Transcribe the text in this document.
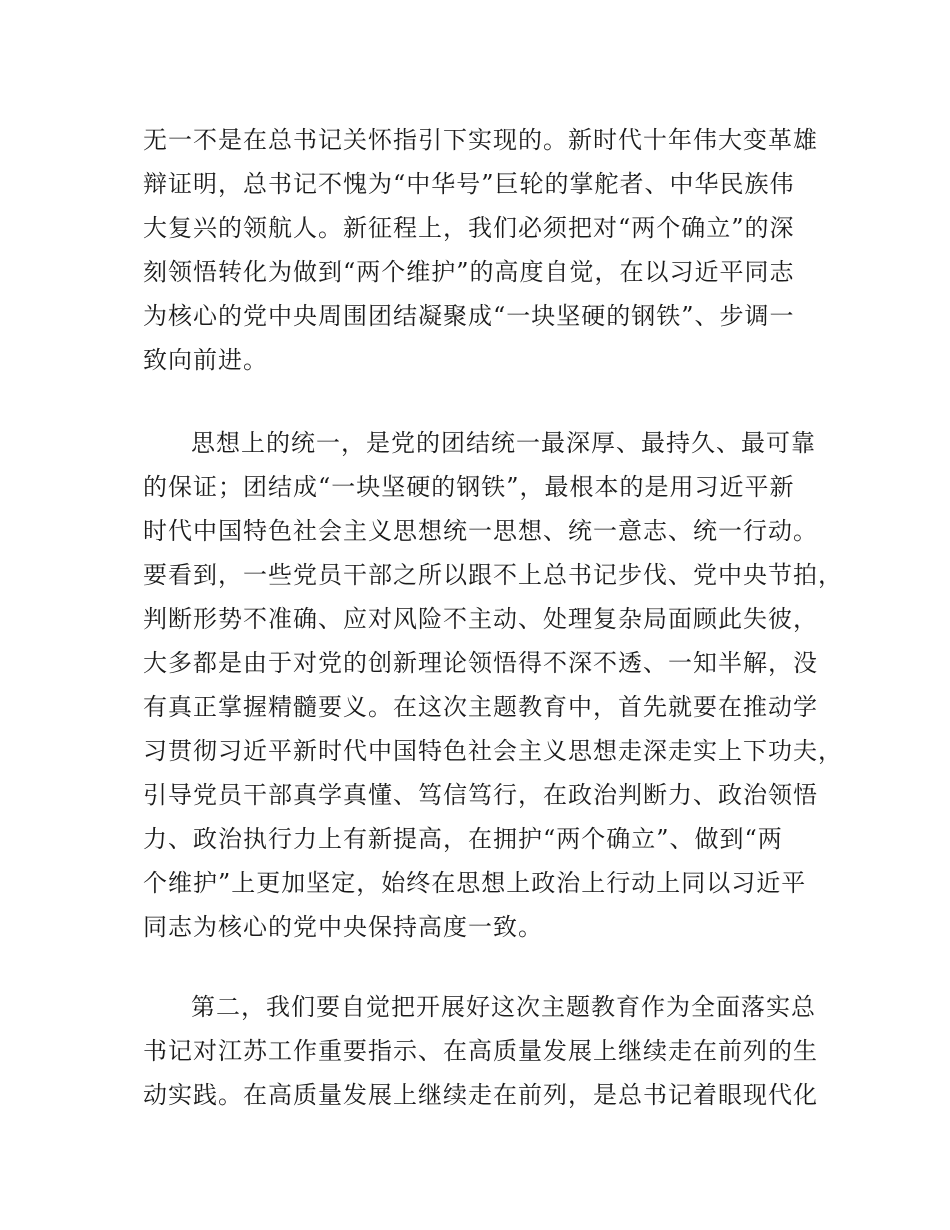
无一不是在总书记关怀指引下实现的。新时代十年伟大变革雄
辩证明，总书记不愧为“中华号”巨轮的掌舵者、中华民族伟
大复兴的领航人。新征程上，我们必须把对“两个确立”的深
刻领悟转化为做到“两个维护”的高度自觉，在以习近平同志
为核心的党中央周围团结凝聚成“一块坚硬的钢铁”、步调一
致向前进。
思想上的统一，是党的团结统一最深厚、最持久、最可靠
的保证；团结成“一块坚硬的钢铁”，最根本的是用习近平新
时代中国特色社会主义思想统一思想、统一意志、统一行动。
要看到，一些党员干部之所以跟不上总书记步伐、党中央节拍，
判断形势不准确、应对风险不主动、处理复杂局面顾此失彼，
大多都是由于对党的创新理论领悟得不深不透、一知半解，没
有真正掌握精髓要义。在这次主题教育中，首先就要在推动学
习贯彻习近平新时代中国特色社会主义思想走深走实上下功夫，
引导党员干部真学真懂、笃信笃行，在政治判断力、政治领悟
力、政治执行力上有新提高，在拥护“两个确立”、做到“两
个维护”上更加坚定，始终在思想上政治上行动上同以习近平
同志为核心的党中央保持高度一致。
第二，我们要自觉把开展好这次主题教育作为全面落实总
书记对江苏工作重要指示、在高质量发展上继续走在前列的生
动实践。在高质量发展上继续走在前列，是总书记着眼现代化
